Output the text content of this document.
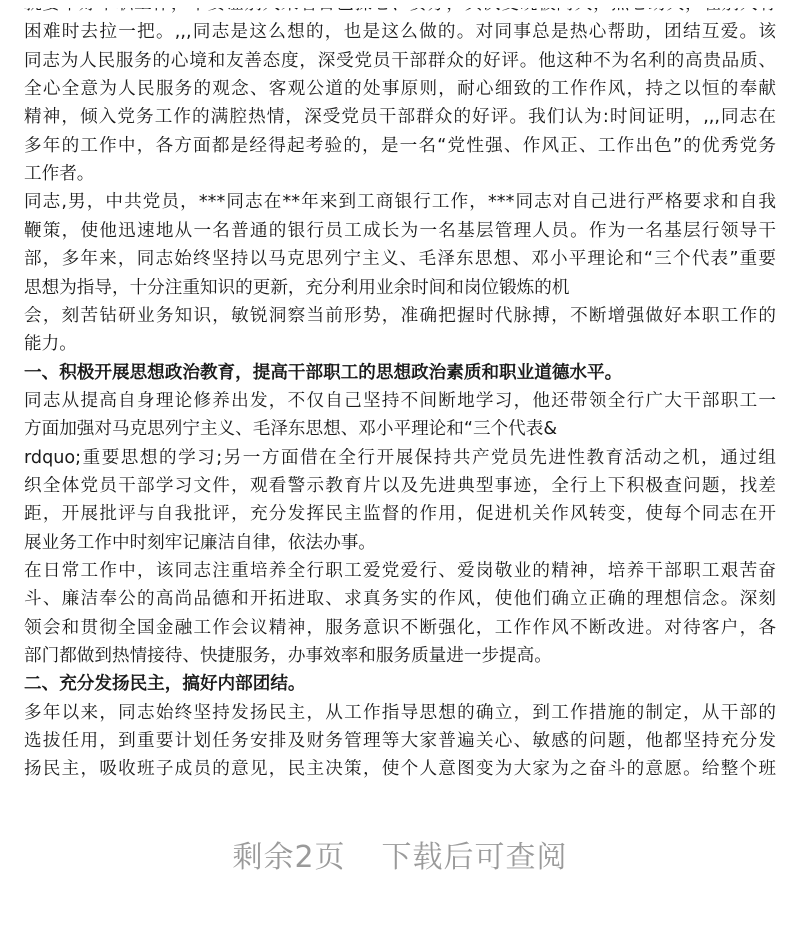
困难时去拉一把。,,,同志是这么想的，也是这么做的。对同事总是热心帮助，团结互爱。该
同志为人民服务的心境和友善态度，深受党员干部群众的好评。他这种不为名利的高贵品质、
全心全意为人民服务的观念、客观公道的处事原则，耐心细致的工作作风，持之以恒的奉献
精神，倾入党务工作的满腔热情，深受党员干部群众的好评。我们认为:时间证明，,,,同志在
多年的工作中，各方面都是经得起考验的，是一名“党性强、作风正、工作出色”的优秀党务
工作者。
同志,男，中共党员，***同志在**年来到工商银行工作，***同志对自己进行严格要求和自我
鞭策，使他迅速地从一名普通的银行员工成长为一名基层管理人员。作为一名基层行领导干
部，多年来，同志始终坚持以马克思列宁主义、毛泽东思想、邓小平理论和“三个代表”重要
思想为指导，十分注重知识的更新，充分利用业余时间和岗位锻炼的机
会，刻苦钻研业务知识，敏锐洞察当前形势，准确把握时代脉搏，不断增强做好本职工作的
能力。
一、积极开展思想政治教育，提高干部职工的思想政治素质和职业道德水平。
同志从提高自身理论修养出发，不仅自己坚持不间断地学习，他还带领全行广大干部职工一
方面加强对马克思列宁主义、毛泽东思想、邓小平理论和“三个代表&
rdquo;重要思想的学习;另一方面借在全行开展保持共产党员先进性教育活动之机，通过组
织全体党员干部学习文件，观看警示教育片以及先进典型事迹，全行上下积极查问题，找差
距，开展批评与自我批评，充分发挥民主监督的作用，促进机关作风转变，使每个同志在开
展业务工作中时刻牢记廉洁自律，依法办事。
在日常工作中，该同志注重培养全行职工爱党爱行、爱岗敬业的精神，培养干部职工艰苦奋
斗、廉洁奉公的高尚品德和开拓进取、求真务实的作风，使他们确立正确的理想信念。深刻
领会和贯彻全国金融工作会议精神，服务意识不断强化，工作作风不断改进。对待客户，各
部门都做到热情接待、快捷服务，办事效率和服务质量进一步提高。
二、充分发扬民主，搞好内部团结。
多年以来，同志始终坚持发扬民主，从工作指导思想的确立，到工作措施的制定，从干部的
选拔任用，到重要计划任务安排及财务管理等大家普遍关心、敏感的问题，他都坚持充分发
扬民主，吸收班子成员的意见，民主决策，使个人意图变为大家为之奋斗的意愿。给整个班
剩余2页 下载后可查阅
